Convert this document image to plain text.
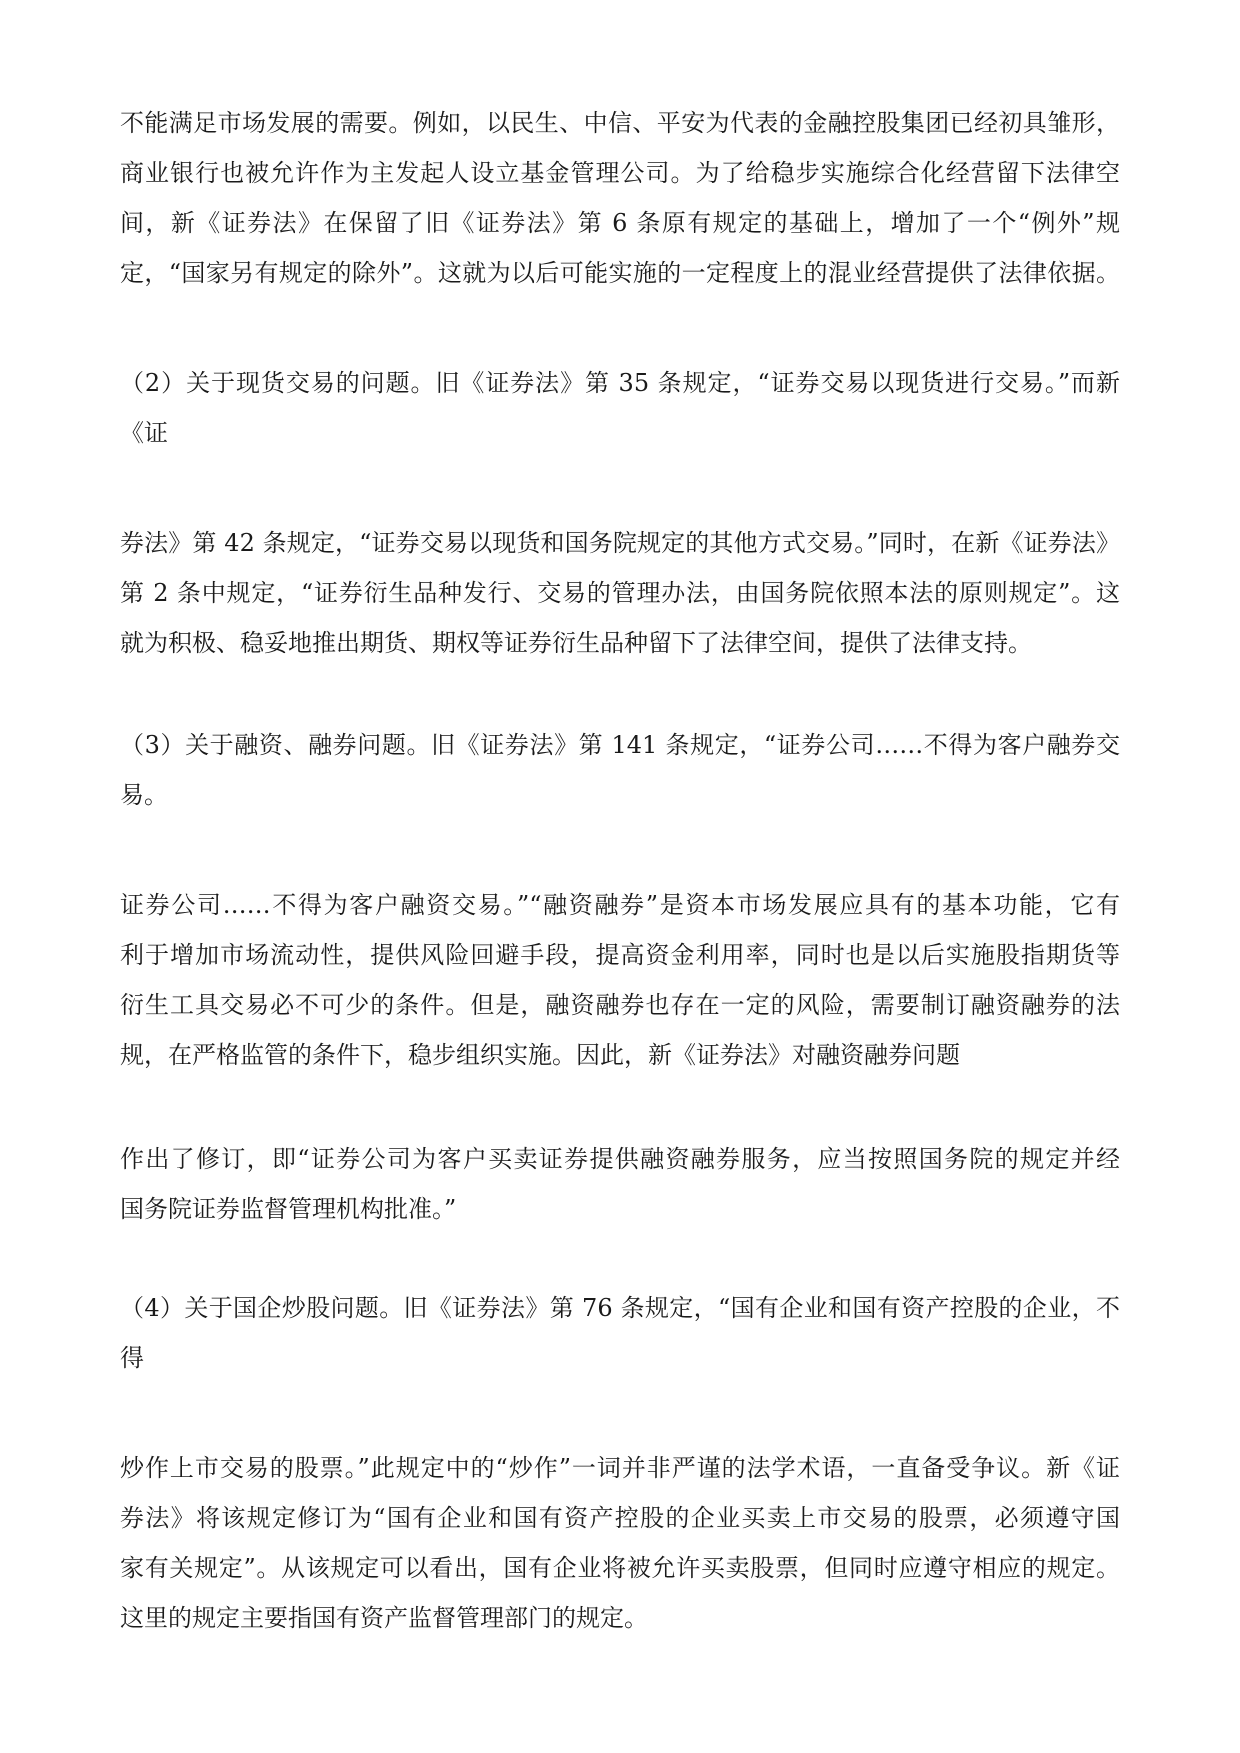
不能满足市场发展的需要。例如，以民生、中信、平安为代表的金融控股集团已经初具雏形，
商业银行也被允许作为主发起人设立基金管理公司。为了给稳步实施综合化经营留下法律空
间，新《证券法》在保留了旧《证券法》第 6 条原有规定的基础上，增加了一个“例外”规
定，“国家另有规定的除外”。这就为以后可能实施的一定程度上的混业经营提供了法律依据。
（2）关于现货交易的问题。旧《证券法》第 35 条规定，“证券交易以现货进行交易。”而新
《证
券法》第 42 条规定，“证券交易以现货和国务院规定的其他方式交易。”同时，在新《证券法》
第 2 条中规定，“证券衍生品种发行、交易的管理办法，由国务院依照本法的原则规定”。这
就为积极、稳妥地推出期货、期权等证券衍生品种留下了法律空间，提供了法律支持。
（3）关于融资、融券问题。旧《证券法》第 141 条规定，“证券公司……不得为客户融券交
易。
证券公司……不得为客户融资交易。”“融资融券”是资本市场发展应具有的基本功能，它有
利于增加市场流动性，提供风险回避手段，提高资金利用率，同时也是以后实施股指期货等
衍生工具交易必不可少的条件。但是，融资融券也存在一定的风险，需要制订融资融券的法
规，在严格监管的条件下，稳步组织实施。因此，新《证券法》对融资融券问题
作出了修订，即“证券公司为客户买卖证券提供融资融券服务，应当按照国务院的规定并经
国务院证券监督管理机构批准。”
（4）关于国企炒股问题。旧《证券法》第 76 条规定，“国有企业和国有资产控股的企业，不
得
炒作上市交易的股票。”此规定中的“炒作”一词并非严谨的法学术语，一直备受争议。新《证
券法》将该规定修订为“国有企业和国有资产控股的企业买卖上市交易的股票，必须遵守国
家有关规定”。从该规定可以看出，国有企业将被允许买卖股票，但同时应遵守相应的规定。
这里的规定主要指国有资产监督管理部门的规定。
